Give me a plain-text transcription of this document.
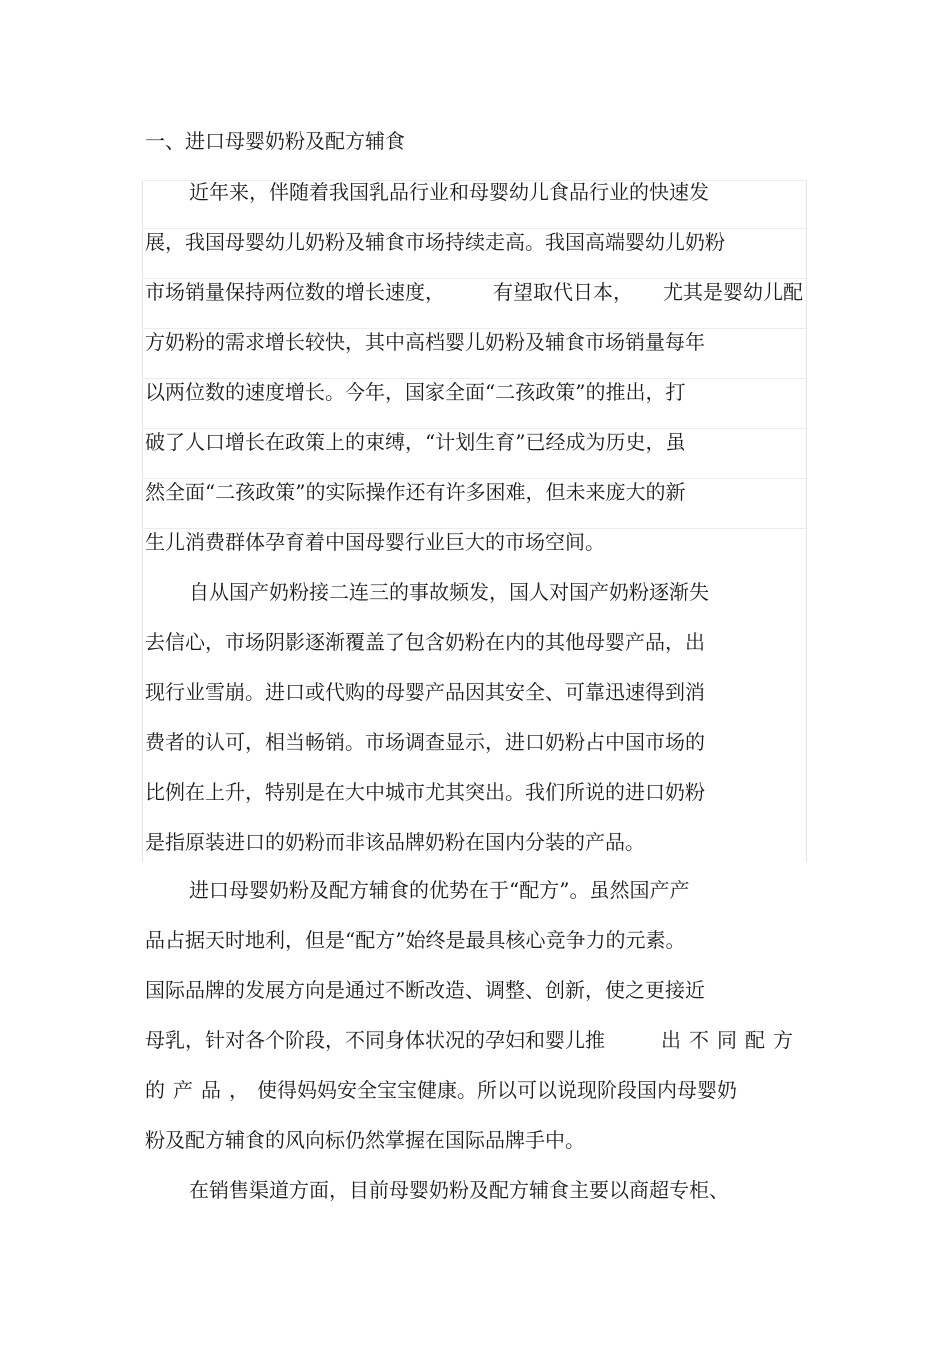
一、进口母婴奶粉及配方辅食
近年来，伴随着我国乳品行业和母婴幼儿食品行业的快速发
展，我国母婴幼儿奶粉及辅食市场持续走高。我国高端婴幼儿奶粉
市场销量保持两位数的增长速度， 有望取代日本， 尤其是婴幼儿配
方奶粉的需求增长较快，其中高档婴儿奶粉及辅食市场销量每年
以两位数的速度增长。今年，国家全面“二孩政策”的推出，打
破了人口增长在政策上的束缚，“计划生育”已经成为历史，虽
然全面“二孩政策”的实际操作还有许多困难，但未来庞大的新
生儿消费群体孕育着中国母婴行业巨大的市场空间。
自从国产奶粉接二连三的事故频发，国人对国产奶粉逐渐失
去信心，市场阴影逐渐覆盖了包含奶粉在内的其他母婴产品，出
现行业雪崩。进口或代购的母婴产品因其安全、可靠迅速得到消
费者的认可，相当畅销。市场调查显示，进口奶粉占中国市场的
比例在上升，特别是在大中城市尤其突出。我们所说的进口奶粉
是指原装进口的奶粉而非该品牌奶粉在国内分装的产品。
进口母婴奶粉及配方辅食的优势在于“配方”。虽然国产产
品占据天时地利，但是“配方”始终是最具核心竞争力的元素。
国际品牌的发展方向是通过不断改造、调整、创新，使之更接近
母乳，针对各个阶段，不同身体状况的孕妇和婴儿推	出不同配方
的产品，使得妈妈安全宝宝健康。所以可以说现阶段国内母婴奶
粉及配方辅食的风向标仍然掌握在国际品牌手中。
在销售渠道方面，目前母婴奶粉及配方辅食主要以商超专柜、
